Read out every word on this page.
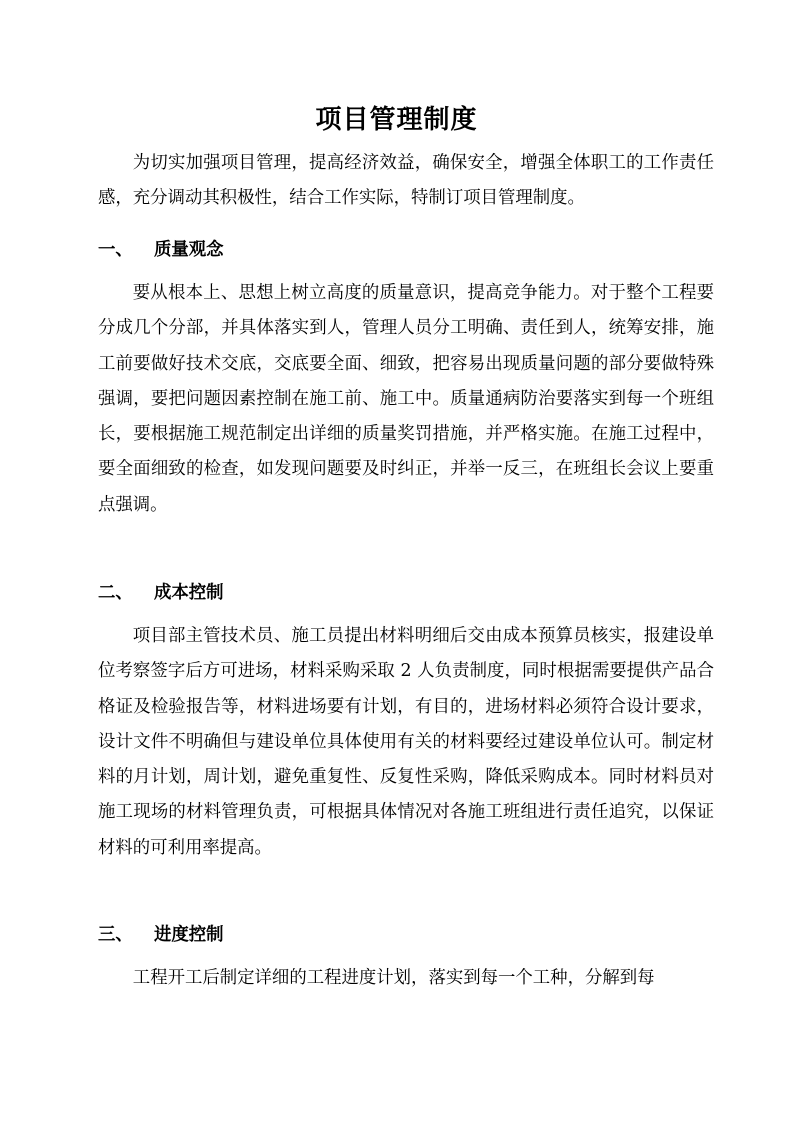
项目管理制度
为切实加强项目管理，提高经济效益，确保安全，增强全体职工的工作责任感，充分调动其积极性，结合工作实际，特制订项目管理制度。
一、 质量观念
要从根本上、思想上树立高度的质量意识，提高竞争能力。对于整个工程要分成几个分部，并具体落实到人，管理人员分工明确、责任到人，统筹安排，施工前要做好技术交底，交底要全面、细致，把容易出现质量问题的部分要做特殊强调，要把问题因素控制在施工前、施工中。质量通病防治要落实到每一个班组长，要根据施工规范制定出详细的质量奖罚措施，并严格实施。在施工过程中，要全面细致的检查，如发现问题要及时纠正，并举一反三，在班组长会议上要重点强调。
二、 成本控制
项目部主管技术员、施工员提出材料明细后交由成本预算员核实，报建设单位考察签字后方可进场，材料采购采取 2 人负责制度，同时根据需要提供产品合格证及检验报告等，材料进场要有计划，有目的，进场材料必须符合设计要求，设计文件不明确但与建设单位具体使用有关的材料要经过建设单位认可。制定材料的月计划，周计划，避免重复性、反复性采购，降低采购成本。同时材料员对施工现场的材料管理负责，可根据具体情况对各施工班组进行责任追究，以保证材料的可利用率提高。
三、 进度控制
工程开工后制定详细的工程进度计划，落实到每一个工种，分解到每
